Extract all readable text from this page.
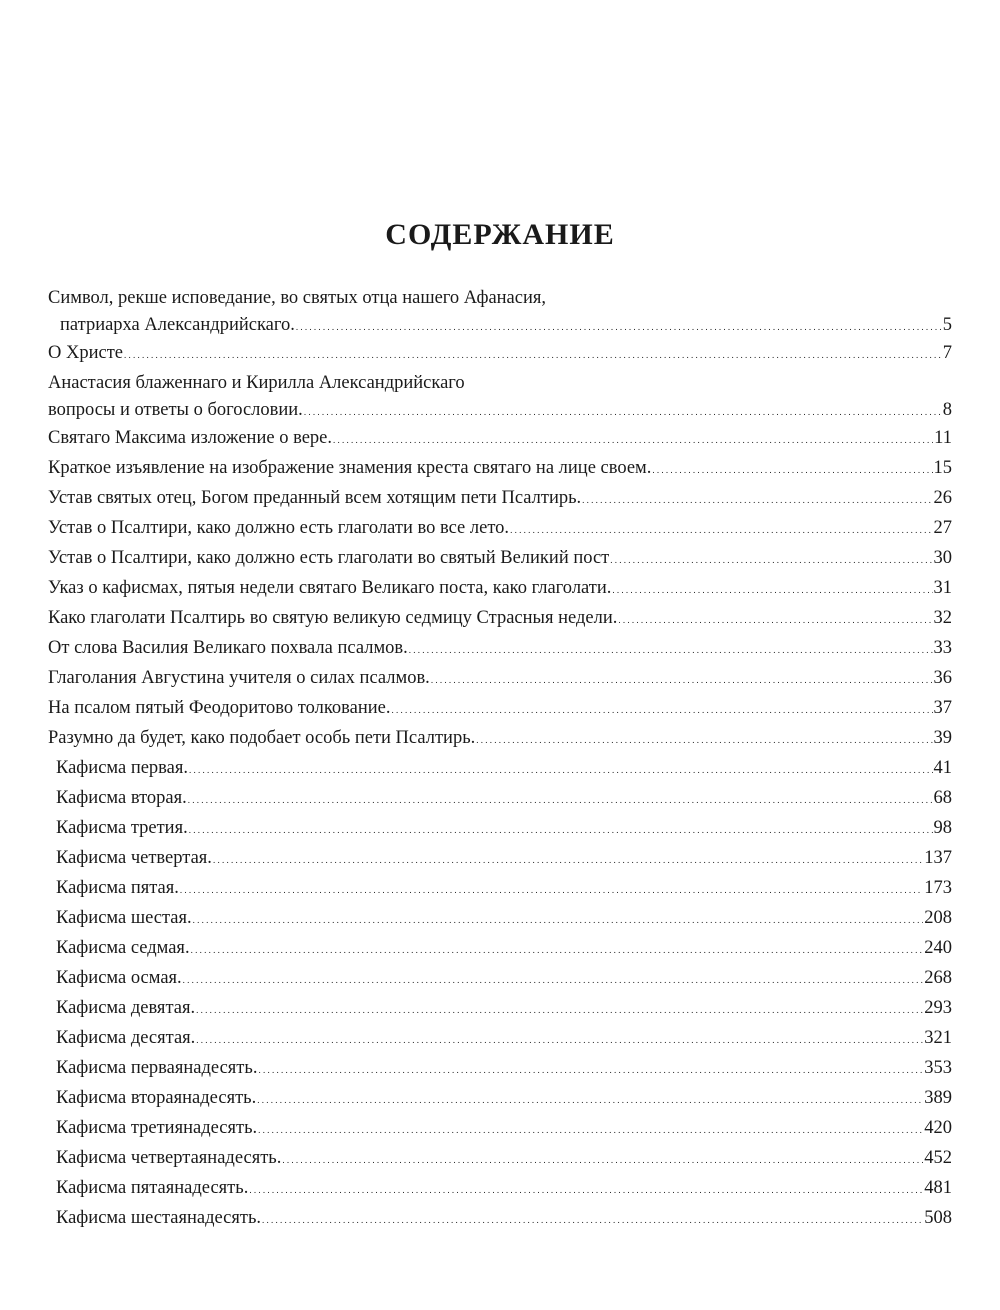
СОДЕРЖАНИЕ
Символ, рекше исповедание, во святых отца нашего Афанасия,
патриарха Александрийскаго. . . .	5
О Христе . . .	7
Анастасия блаженнаго и Кирилла Александрийскаго
вопросы и ответы о богословии. . . .	8
Святаго Максима изложение о вере. . . .	11
Краткое изъявление на изображение знамения креста святаго на лице своем. . . .	15
Устав святых отец, Богом преданный всем хотящим пети Псалтирь. . . .	26
Устав о Псалтири, како должно есть глаголати во все лето. . . .	27
Устав о Псалтири, како должно есть глаголати во святый Великий пост . . .	30
Указ о кафисмах, пятыя недели святаго Великаго поста, како глаголати. . . .	31
Како глаголати Псалтирь во святую великую седмицу Страсныя недели. . . .	32
От слова Василия Великаго похвала псалмов. . . .	33
Глаголания Августина учителя о силах псалмов. . . .	36
На псалом пятый Феодоритово толкование. . . .	37
Разумно да будет, како подобает особь пети Псалтирь. . . .	39
Кафисма первая. . . .	41
Кафисма вторая. . . .	68
Кафисма третия. . . .	98
Кафисма четвертая. . . .	137
Кафисма пятая. . . .	173
Кафисма шестая. . . .	208
Кафисма седмая. . . .	240
Кафисма осмая. . . .	268
Кафисма девятая. . . .	293
Кафисма десятая. . . .	321
Кафисма перваянадесять. . . .	353
Кафисма втораянадесять. . . .	389
Кафисма третиянадесять. . . .	420
Кафисма четвертаянадесять. . . .	452
Кафисма пятаянадесять. . . .	481
Кафисма шестаянадесять. . . .	508
